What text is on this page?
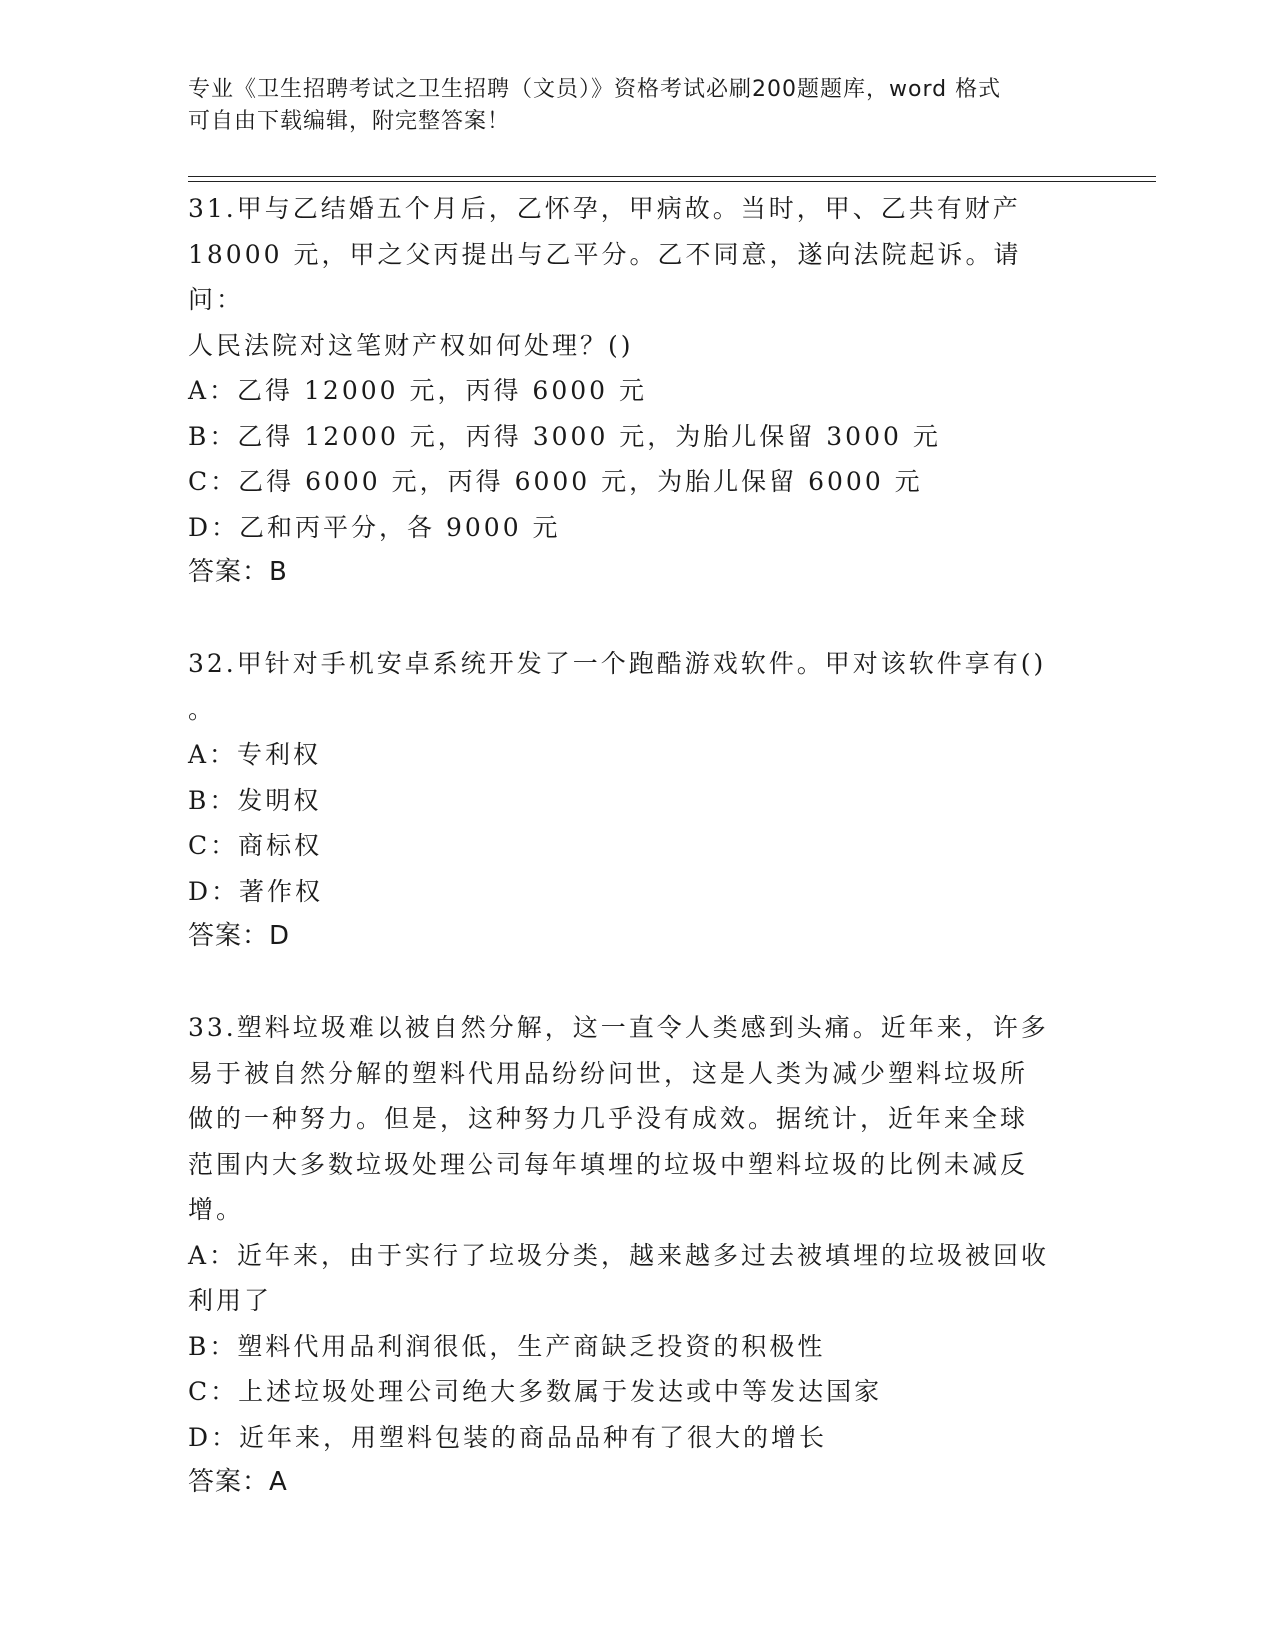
专业《卫生招聘考试之卫生招聘（文员）》资格考试必刷200题题库，word 格式
可自由下载编辑，附完整答案！
31.甲与乙结婚五个月后，乙怀孕，甲病故。当时，甲、乙共有财产
18000 元，甲之父丙提出与乙平分。乙不同意，遂向法院起诉。请问：
人民法院对这笔财产权如何处理？()
A：乙得 12000 元，丙得 6000 元
B：乙得 12000 元，丙得 3000 元，为胎儿保留 3000 元
C：乙得 6000 元，丙得 6000 元，为胎儿保留 6000 元
D：乙和丙平分，各 9000 元
答案：B
32.甲针对手机安卓系统开发了一个跑酷游戏软件。甲对该软件享有()
。
A：专利权
B：发明权
C：商标权
D：著作权
答案：D
33.塑料垃圾难以被自然分解，这一直令人类感到头痛。近年来，许多
易于被自然分解的塑料代用品纷纷问世，这是人类为减少塑料垃圾所
做的一种努力。但是，这种努力几乎没有成效。据统计，近年来全球
范围内大多数垃圾处理公司每年填埋的垃圾中塑料垃圾的比例未减反
增。
A：近年来，由于实行了垃圾分类，越来越多过去被填埋的垃圾被回收
利用了
B：塑料代用品利润很低，生产商缺乏投资的积极性
C：上述垃圾处理公司绝大多数属于发达或中等发达国家
D：近年来，用塑料包装的商品品种有了很大的增长
答案：A
